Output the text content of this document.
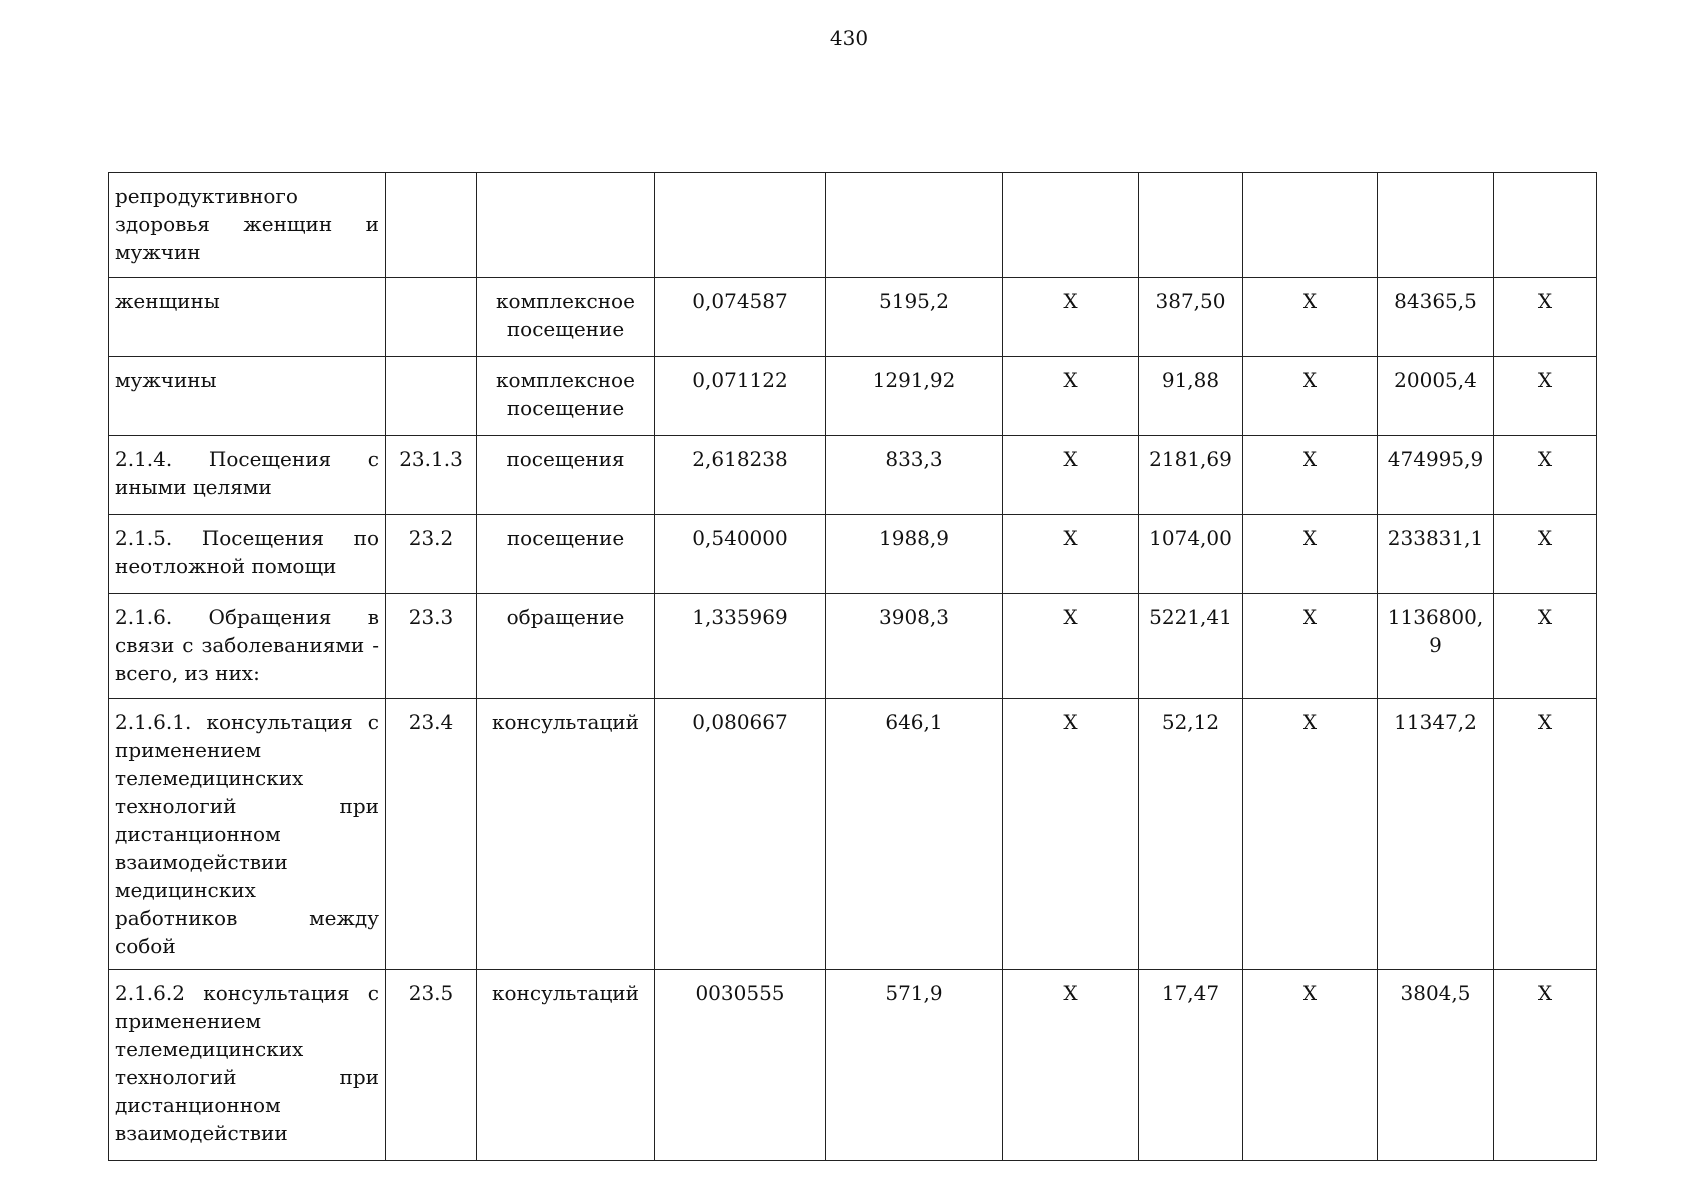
430
репродуктивного здоровья женщин и мужчин									
женщины		комплексное посещение	0,074587	5195,2	Х	387,50	Х	84365,5	Х
мужчины		комплексное посещение	0,071122	1291,92	Х	91,88	Х	20005,4	Х
2.1.4. Посещения с иными целями	23.1.3	посещения	2,618238	833,3	Х	2181,69	Х	474995,9	Х
2.1.5. Посещения по неотложной помощи	23.2	посещение	0,540000	1988,9	Х	1074,00	Х	233831,1	Х
2.1.6. Обращения в связи с заболеваниями - всего, из них:	23.3	обращение	1,335969	3908,3	Х	5221,41	Х	1136800,9	Х
2.1.6.1. консультация с применением телемедицинских технологий при дистанционном взаимодействии медицинских работников между собой	23.4	консультаций	0,080667	646,1	Х	52,12	Х	11347,2	Х
2.1.6.2 консультация с применением телемедицинских технологий при дистанционном взаимодействии	23.5	консультаций	0030555	571,9	Х	17,47	Х	3804,5	Х
